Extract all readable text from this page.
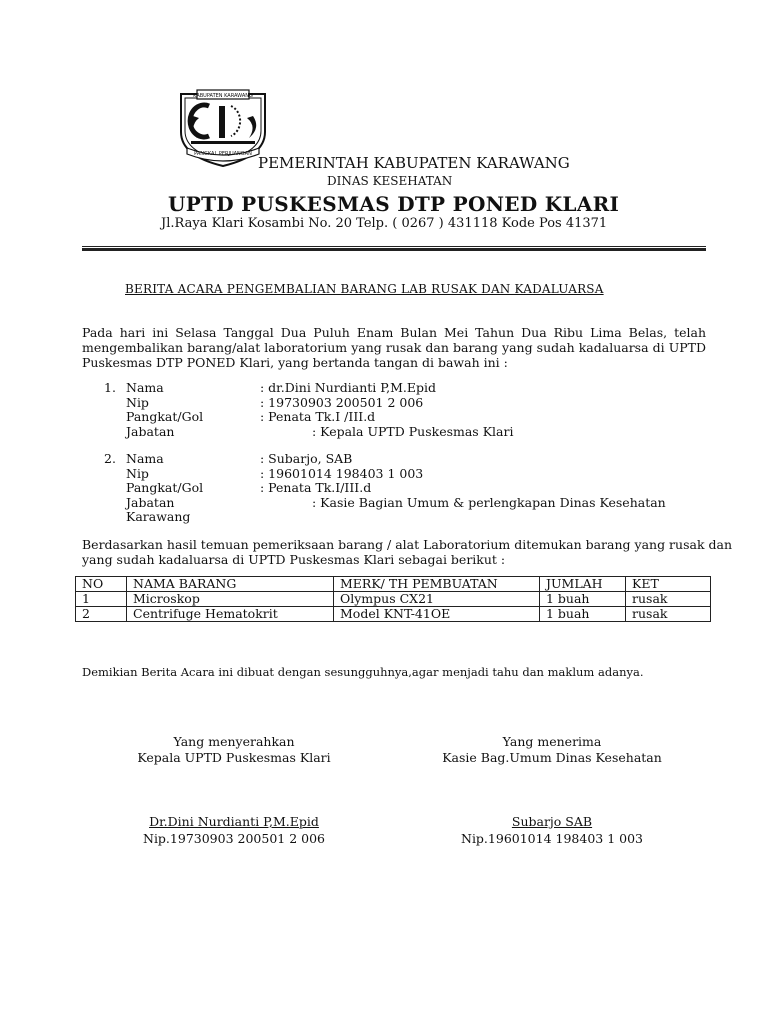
KABUPATEN KARAWANG
PANGKAL PERJUANGAN PEMERINTAH KABUPATEN KARAWANG
DINAS KESEHATAN
UPTD PUSKESMAS DTP PONED KLARI
Jl.Raya Klari Kosambi No. 20 Telp. ( 0267 ) 431118 Kode Pos 41371
BERITA ACARA PENGEMBALIAN BARANG LAB RUSAK DAN KADALUARSA
Pada hari ini Selasa Tanggal Dua Puluh Enam Bulan Mei Tahun Dua Ribu Lima Belas, telah
mengembalikan barang/alat laboratorium yang rusak dan barang yang sudah kadaluarsa di UPTD
Puskesmas DTP PONED Klari, yang bertanda tangan di bawah ini :
1. Nama	: dr.Dini Nurdianti P,M.Epid
Nip	: 19730903 200501 2 006
Pangkat/Gol	: Penata Tk.I /III.d
Jabatan	: Kepala UPTD Puskesmas Klari
2. Nama	: Subarjo, SAB
Nip	: 19601014 198403 1 003
Pangkat/Gol	: Penata Tk.I/III.d
Jabatan	: Kasie Bagian Umum & perlengkapan Dinas Kesehatan
Karawang
Berdasarkan hasil temuan pemeriksaan barang / alat Laboratorium ditemukan barang yang rusak dan
yang sudah kadaluarsa di UPTD Puskesmas Klari sebagai berikut :
NO	NAMA BARANG	MERK/ TH PEMBUATAN	JUMLAH	KET
1	Microskop	Olympus CX21	1 buah	rusak
2	Centrifuge Hematokrit	Model KNT-41OE	1 buah	rusak
Demikian Berita Acara ini dibuat dengan sesungguhnya,agar menjadi tahu dan maklum adanya.
Yang menyerahkan
Kepala UPTD Puskesmas Klari
Dr.Dini Nurdianti P,M.Epid
Nip.19730903 200501 2 006
Yang menerima
Kasie Bag.Umum Dinas Kesehatan
Subarjo SAB
Nip.19601014 198403 1 003
